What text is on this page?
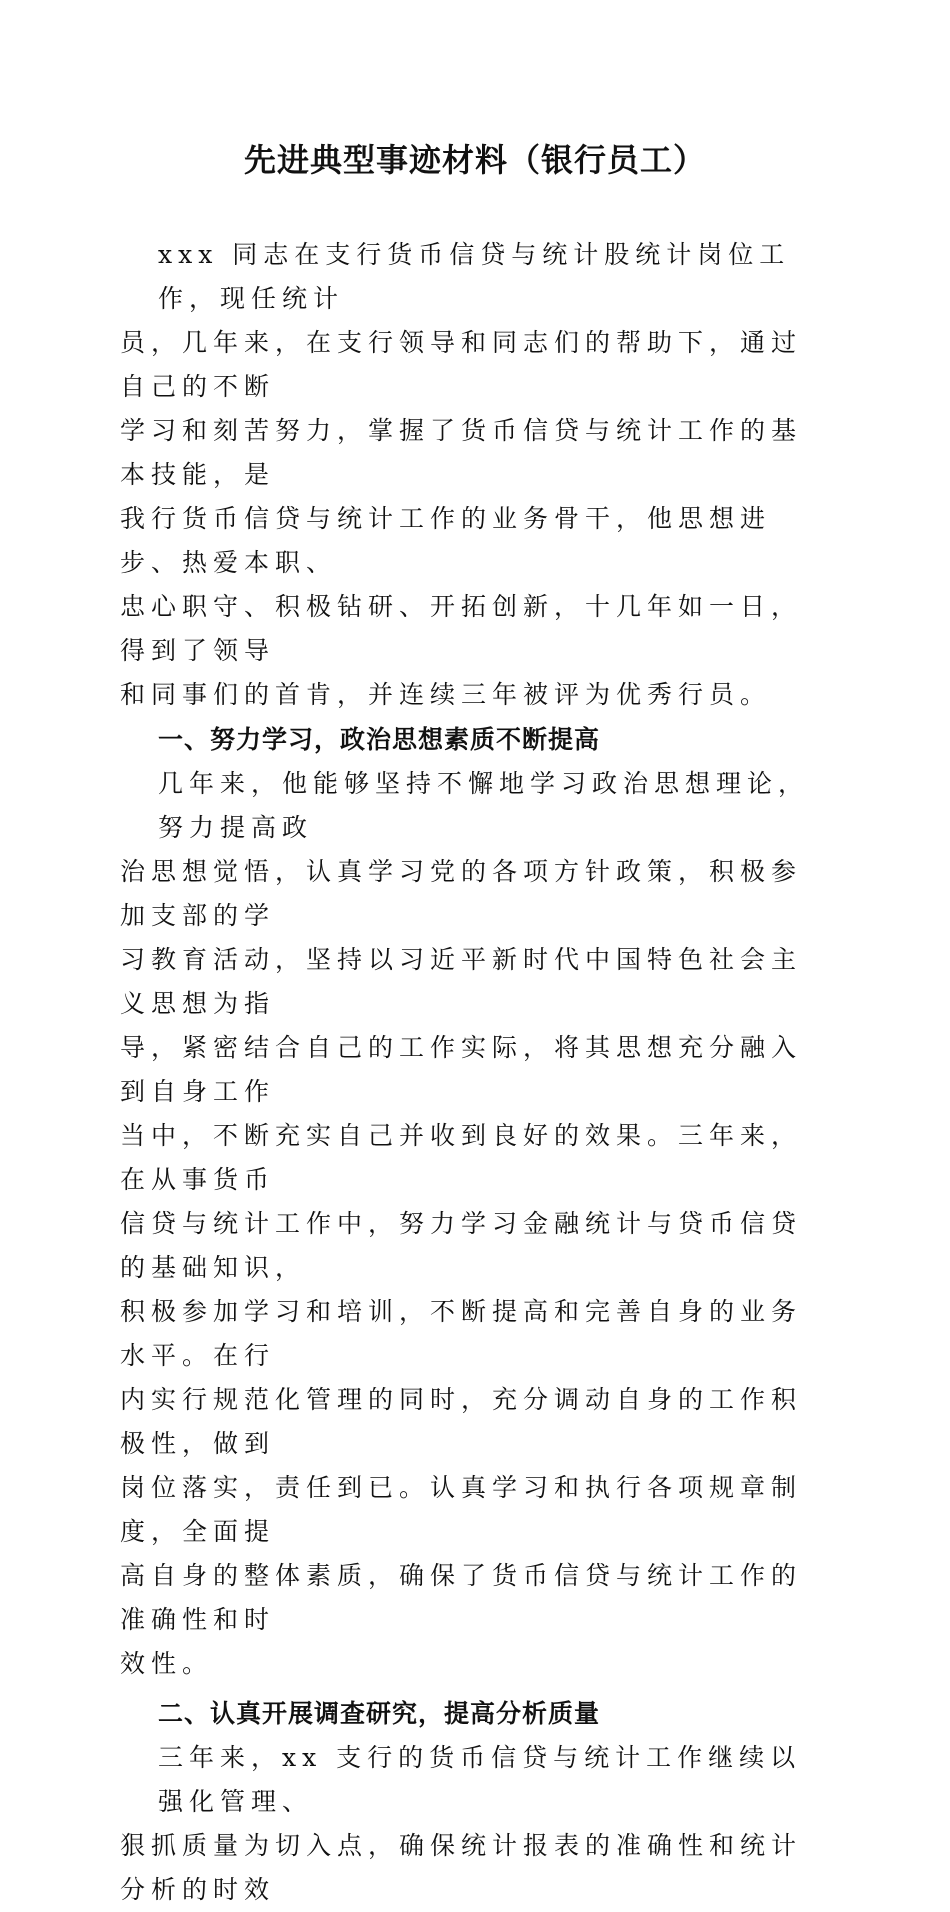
先进典型事迹材料（银行员工）
xxx 同志在支行货币信贷与统计股统计岗位工作，现任统计
员，几年来，在支行领导和同志们的帮助下，通过自己的不断
学习和刻苦努力，掌握了货币信贷与统计工作的基本技能，是
我行货币信贷与统计工作的业务骨干，他思想进步、热爱本职、
忠心职守、积极钻研、开拓创新，十几年如一日，得到了领导
和同事们的首肯，并连续三年被评为优秀行员。
一、努力学习，政治思想素质不断提高
几年来，他能够坚持不懈地学习政治思想理论，努力提高政
治思想觉悟，认真学习党的各项方针政策，积极参加支部的学
习教育活动，坚持以习近平新时代中国特色社会主义思想为指
导，紧密结合自己的工作实际，将其思想充分融入到自身工作
当中，不断充实自己并收到良好的效果。三年来，在从事货币
信贷与统计工作中，努力学习金融统计与贷币信贷的基础知识，
积极参加学习和培训，不断提高和完善自身的业务水平。在行
内实行规范化管理的同时，充分调动自身的工作积极性，做到
岗位落实，责任到已。认真学习和执行各项规章制度，全面提
高自身的整体素质，确保了货币信贷与统计工作的准确性和时
效性。
二、认真开展调查研究，提高分析质量
三年来，xx 支行的货币信贷与统计工作继续以强化管理、
狠抓质量为切入点，确保统计报表的准确性和统计分析的时效
